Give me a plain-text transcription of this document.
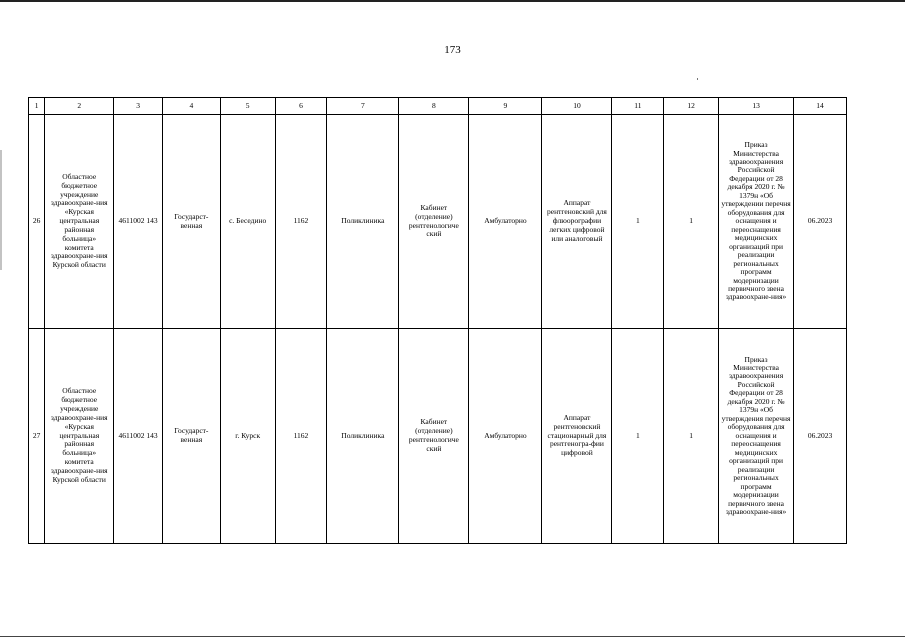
173
1	2	3	4	5	6	7	8	9	10	11	12	13	14
26	Областное бюджетное учреждение здравоохране-ния «Курская центральная районная больница» комитета здравоохране-ния Курской области	4611002 143	Государст-венная	с. Беседино	1162	Поликлиника	Кабинет (отделение) рентгенологиче ский	Амбулаторно	Аппарат рентгеновский для флюорографии легких цифровой или аналоговый	1	1	Приказ Министерства здравоохранения Российской Федерации от 28 декабря 2020 г. № 1379н «Об утверждении перечня оборудования для оснащения и переоснащения медицинских организаций при реализации региональных программ модернизации первичного звена здравоохране-ния»	06.2023
27	Областное бюджетное учреждение здравоохране-ния «Курская центральная районная больница» комитета здравоохране-ния Курской области	4611002 143	Государст-венная	г. Курск	1162	Поликлиника	Кабинет (отделение) рентгенологиче ский	Амбулаторно	Аппарат рентгеновский стационарный для рентгеногра-фии цифровой	1	1	Приказ Министерства здравоохранения Российской Федерации от 28 декабря 2020 г. № 1379н «Об утверждения перечня оборудования для оснащения и переоснащения медицинских организаций при реализации региональных программ модернизации первичного звена здравоохране-ния»	06.2023
